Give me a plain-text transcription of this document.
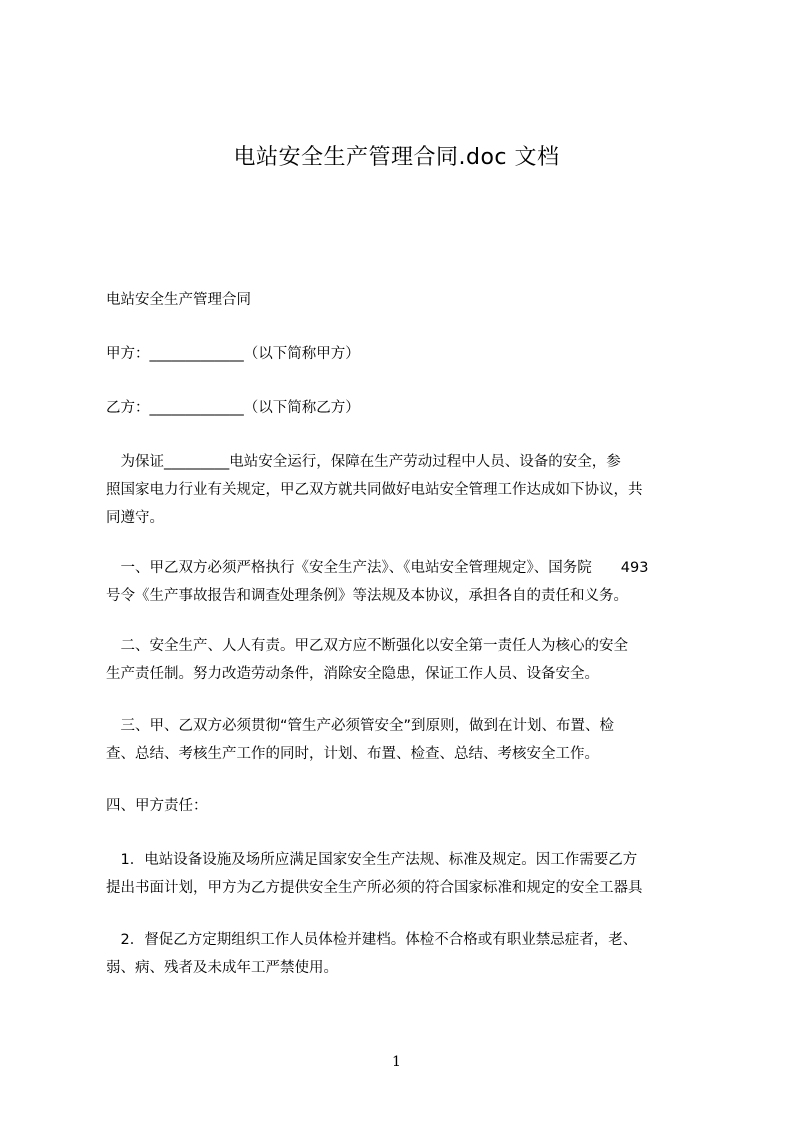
电站安全生产管理合同.doc 文档

电站安全生产管理合同

甲方：_____________（以下简称甲方）

乙方：_____________（以下简称乙方）

　为保证_________电站安全运行，保障在生产劳动过程中人员、设备的安全，参
照国家电力行业有关规定，甲乙双方就共同做好电站安全管理工作达成如下协议，共
同遵守。
　一、甲乙双方必须严格执行《安全生产法》、《电站安全管理规定》、国务院　　493
号令《生产事故报告和调查处理条例》等法规及本协议，承担各自的责任和义务。
　二、安全生产、人人有责。甲乙双方应不断强化以安全第一责任人为核心的安全
生产责任制。努力改造劳动条件，消除安全隐患，保证工作人员、设备安全。
　三、甲、乙双方必须贯彻“管生产必须管安全”到原则，做到在计划、布置、检
查、总结、考核生产工作的同时，计划、布置、检查、总结、考核安全工作。

四、甲方责任：

　1．电站设备设施及场所应满足国家安全生产法规、标准及规定。因工作需要乙方
提出书面计划，甲方为乙方提供安全生产所必须的符合国家标准和规定的安全工器具
　2．督促乙方定期组织工作人员体检并建档。体检不合格或有职业禁忌症者，老、
弱、病、残者及未成年工严禁使用。

1
